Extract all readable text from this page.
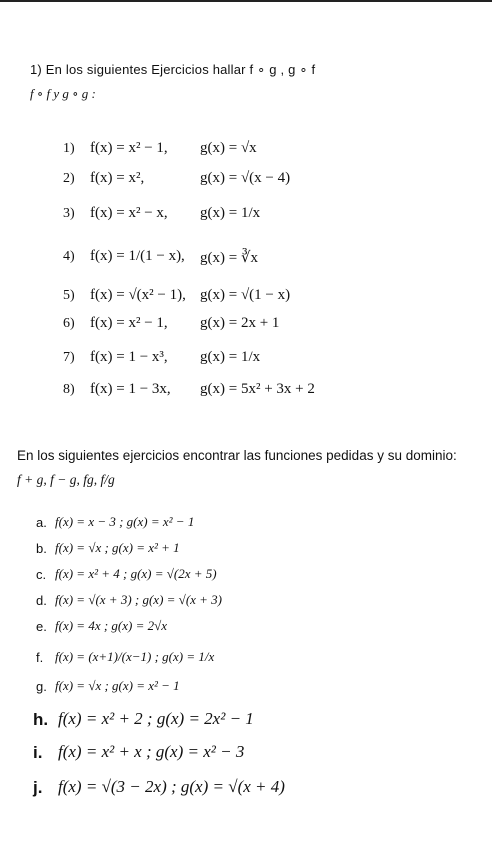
1) En los siguientes Ejercicios hallar f ∘ g , g ∘ f
f ∘ f y g ∘ g :
1) f(x) = x² − 1, g(x) = √x
2) f(x) = x²,	g(x) = √(x − 4)
3) f(x) = x² − x, g(x) = 1/x
4) f(x) = 1/(1 − x), g(x) = ∛x
5) f(x) = √(x² − 1), g(x) = √(1 − x)
6) f(x) = x² − 1, g(x) = 2x + 1
7) f(x) = 1 − x³, g(x) = 1/x
8) f(x) = 1 − 3x, g(x) = 5x² + 3x + 2
En los siguientes ejercicios encontrar las funciones pedidas y su dominio:
f + g, f − g, fg, f/g
a. f(x) = x − 3 ; g(x) = x² − 1
b. f(x) = √x ; g(x) = x² + 1
c. f(x) = x² + 4 ; g(x) = √(2x + 5)
d. f(x) = √(x + 3) ; g(x) = √(x + 3)
e. f(x) = 4x ; g(x) = 2√x
f. f(x) = (x+1)/(x−1) ; g(x) = 1/x
g. f(x) = √x ; g(x) = x² − 1
h. f(x) = x² + 2 ; g(x) = 2x² − 1
i. f(x) = x² + x ; g(x) = x² − 3
j. f(x) = √(3 − 2x) ; g(x) = √(x + 4)
